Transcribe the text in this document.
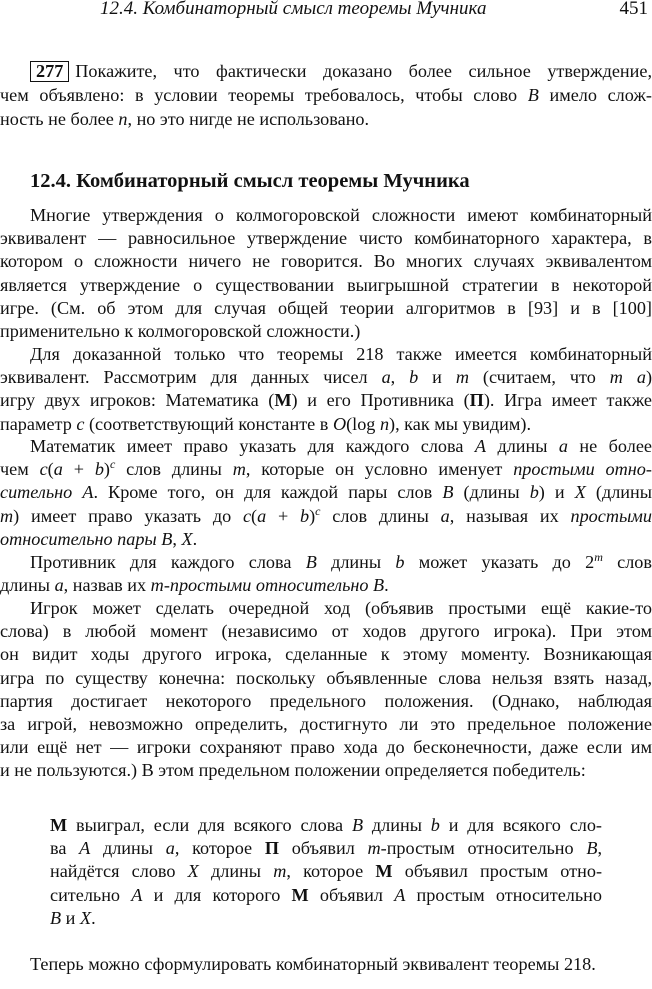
12.4. Комбинаторный смысл теоремы Мучника	451
277 Покажите, что фактически доказано более сильное утверждение,
чем объявлено: в условии теоремы требовалось, чтобы слово B имело слож-
ность не более n, но это нигде не использовано.
12.4. Комбинаторный смысл теоремы Мучника
Многие утверждения о колмогоровской сложности имеют комбинаторный
эквивалент — равносильное утверждение чисто комбинаторного характера, в
котором о сложности ничего не говорится. Во многих случаях эквивалентом
является утверждение о существовании выигрышной стратегии в некоторой
игре. (См. об этом для случая общей теории алгоритмов в [93] и в [100]
применительно к колмогоровской сложности.)
Для доказанной только что теоремы 218 также имеется комбинаторный
эквивалент. Рассмотрим для данных чисел a, b и m (считаем, что m a)
игру двух игроков: Математика (М) и его Противника (П). Игра имеет также
параметр c (соответствующий константе в O(log n), как мы увидим).
Математик имеет право указать для каждого слова A длины a не более
чем $c(a + b)^c$ слов длины m, которые он условно именует простыми отно-
сительно A. Кроме того, он для каждой пары слов B (длины b) и X (длины
m) имеет право указать до $c(a + b)^c$ слов длины a, называя их простыми
относительно пары B, X.
Противник для каждого слова B длины b может указать до 2$^m$ слов
длины a, назвав их m-простыми относительно B.
Игрок может сделать очередной ход (объявив простыми ещё какие-то
слова) в любой момент (независимо от ходов другого игрока). При этом
он видит ходы другого игрока, сделанные к этому моменту. Возникающая
игра по существу конечна: поскольку объявленные слова нельзя взять назад,
партия достигает некоторого предельного положения. (Однако, наблюдая
за игрой, невозможно определить, достигнуто ли это предельное положение
или ещё нет — игроки сохраняют право хода до бесконечности, даже если им
и не пользуются.) В этом предельном положении определяется победитель:
М выиграл, если для всякого слова B длины b и для всякого сло-
ва A длины a, которое П объявил m-простым относительно B,
найдётся слово X длины m, которое М объявил простым отно-
сительно A и для которого М объявил A простым относительно
B и X.
Теперь можно сформулировать комбинаторный эквивалент теоремы 218.
